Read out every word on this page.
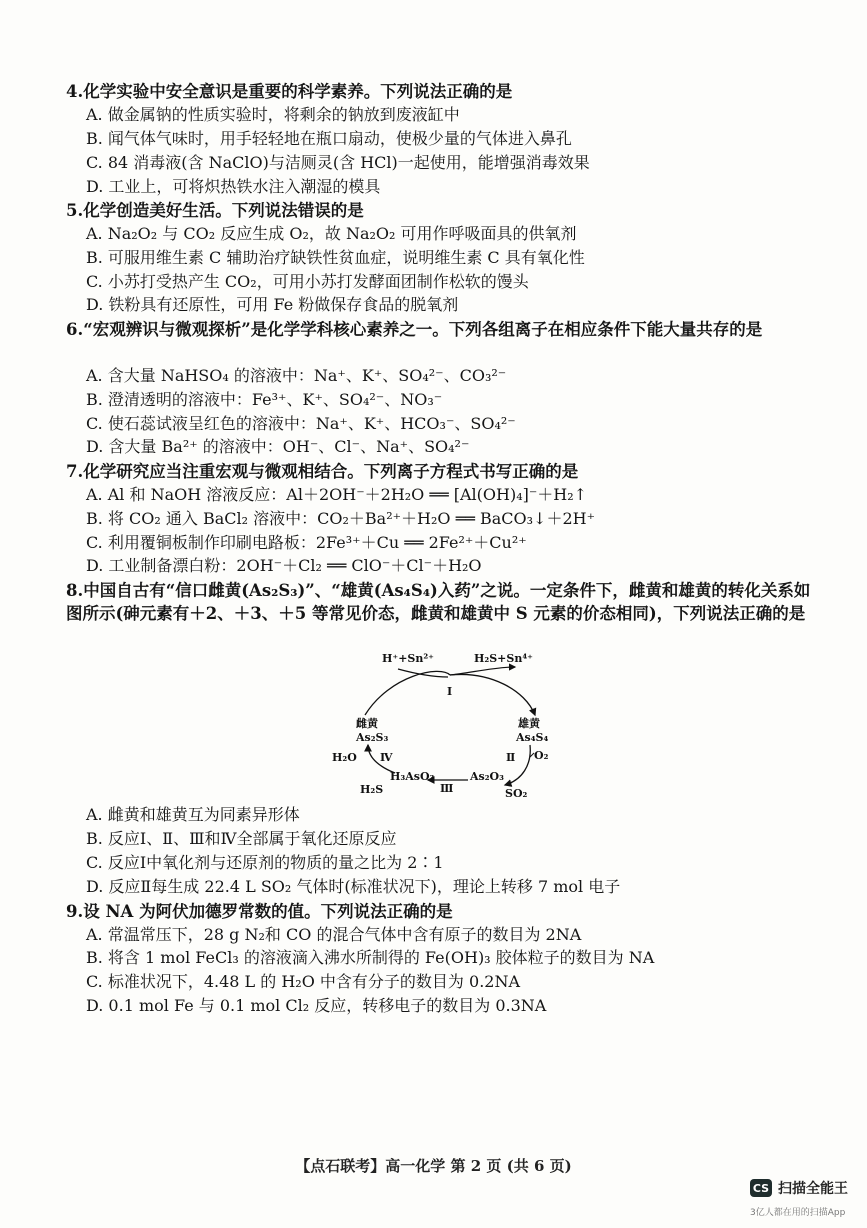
4.化学实验中安全意识是重要的科学素养。下列说法正确的是
A. 做金属钠的性质实验时，将剩余的钠放到废液缸中
B. 闻气体气味时，用手轻轻地在瓶口扇动，使极少量的气体进入鼻孔
C. 84 消毒液(含 NaClO)与洁厕灵(含 HCl)一起使用，能增强消毒效果
D. 工业上，可将炽热铁水注入潮湿的模具
5.化学创造美好生活。下列说法错误的是
A. Na₂O₂ 与 CO₂ 反应生成 O₂，故 Na₂O₂ 可用作呼吸面具的供氧剂
B. 可服用维生素 C 辅助治疗缺铁性贫血症，说明维生素 C 具有氧化性
C. 小苏打受热产生 CO₂，可用小苏打发酵面团制作松软的馒头
D. 铁粉具有还原性，可用 Fe 粉做保存食品的脱氧剂
6.“宏观辨识与微观探析”是化学学科核心素养之一。下列各组离子在相应条件下能大量共存的是
A. 含大量 NaHSO₄ 的溶液中：Na⁺、K⁺、SO₄²⁻、CO₃²⁻
B. 澄清透明的溶液中：Fe³⁺、K⁺、SO₄²⁻、NO₃⁻
C. 使石蕊试液呈红色的溶液中：Na⁺、K⁺、HCO₃⁻、SO₄²⁻
D. 含大量 Ba²⁺ 的溶液中：OH⁻、Cl⁻、Na⁺、SO₄²⁻
7.化学研究应当注重宏观与微观相结合。下列离子方程式书写正确的是
A. Al 和 NaOH 溶液反应：Al＋2OH⁻＋2H₂O ══ [Al(OH)₄]⁻＋H₂↑
B. 将 CO₂ 通入 BaCl₂ 溶液中：CO₂＋Ba²⁺＋H₂O ══ BaCO₃↓＋2H⁺
C. 利用覆铜板制作印刷电路板：2Fe³⁺＋Cu ══ 2Fe²⁺＋Cu²⁺
D. 工业制备漂白粉：2OH⁻＋Cl₂ ══ ClO⁻＋Cl⁻＋H₂O
8.中国自古有“信口雌黄(As₂S₃)”、“雄黄(As₄S₄)入药”之说。一定条件下，雌黄和雄黄的转化关系如图所示(砷元素有＋2、＋3、＋5 等常见价态，雌黄和雄黄中 S 元素的价态相同)，下列说法正确的是
H⁺+Sn²⁺	H₂S+Sn⁴⁺
Ⅰ
雌黄
As₂S₃
雄黄
As₄S₄
Ⅱ O₂
SO₂
As₂O₃
Ⅲ
H₃AsO₃
Ⅳ
H₂O
H₂S
A. 雌黄和雄黄互为同素异形体
B. 反应Ⅰ、Ⅱ、Ⅲ和Ⅳ全部属于氧化还原反应
C. 反应Ⅰ中氧化剂与还原剂的物质的量之比为 2∶1
D. 反应Ⅱ每生成 22.4 L SO₂ 气体时(标准状况下)，理论上转移 7 mol 电子
9.设 NA 为阿伏加德罗常数的值。下列说法正确的是
A. 常温常压下，28 g N₂和 CO 的混合气体中含有原子的数目为 2NA
B. 将含 1 mol FeCl₃ 的溶液滴入沸水所制得的 Fe(OH)₃ 胶体粒子的数目为 NA
C. 标准状况下，4.48 L 的 H₂O 中含有分子的数目为 0.2NA
D. 0.1 mol Fe 与 0.1 mol Cl₂ 反应，转移电子的数目为 0.3NA
【点石联考】高一化学 第 2 页 (共 6 页)
CS 扫描全能王
3亿人都在用的扫描App
